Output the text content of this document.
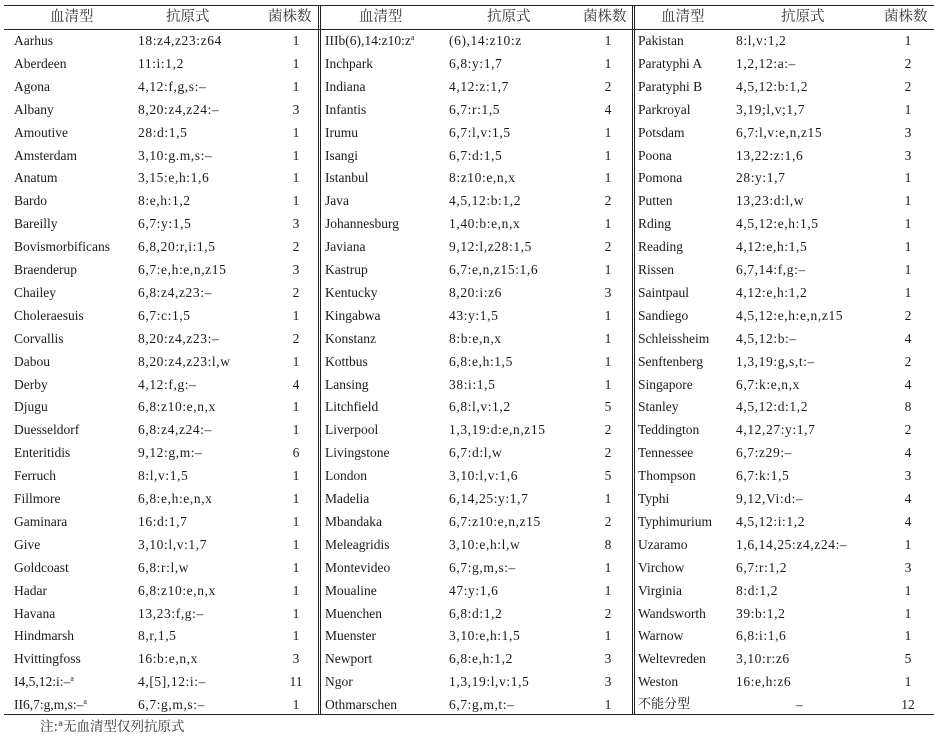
血清型	抗原式	菌株数
Aarhus	18:z4,z23:z64	1
Aberdeen	11:i:1,2	1
Agona	4,12:f,g,s:–	1
Albany	8,20:z4,z24:–	3
Amoutive	28:d:1,5	1
Amsterdam	3,10:g.m,s:–	1
Anatum	3,15:e,h:1,6	1
Bardo	8:e,h:1,2	1
Bareilly	6,7:y:1,5	3
Bovismorbificans 6,8,20:r,i:1,5	2
Braenderup	6,7:e,h:e,n,z15	3
Chailey	6,8:z4,z23:–	2
Choleraesuis	6,7:c:1,5	1
Corvallis	8,20:z4,z23:–	2
Dabou	8,20:z4,z23:l,w	1
Derby	4,12:f,g:–	4
Djugu	6,8:z10:e,n,x	1
Duesseldorf	6,8:z4,z24:–	1
Enteritidis	9,12:g,m:–	6
Ferruch	8:l,v:1,5	1
Fillmore	6,8:e,h:e,n,x	1
Gaminara	16:d:1,7	1
Give	3,10:l,v:1,7	1
Goldcoast	6,8:r:l,w	1
Hadar	6,8:z10:e,n,x	1
Havana	13,23:f,g:–	1
Hindmarsh	8,r,1,5	1
Hvittingfoss	16:b:e,n,x	3
I4,5,12:i:–$^a$	4,[5],12:i:–	11
II6,7:g,m,s:–$^a$	6,7:g,m,s:–	1
血清型	抗原式	菌株数
$IIIb(6),14:z10:z^a$	(6),14:z10:z	1
Inchpark	6,8:y:1,7	1
Indiana	4,12:z:1,7	2
Infantis	6,7:r:1,5	4
Irumu	6,7:l,v:1,5	1
Isangi	6,7:d:1,5	1
Istanbul	8:z10:e,n,x	1
Java	4,5,12:b:1,2	2
Johannesburg	1,40:b:e,n,x	1
Javiana	9,12:l,z28:1,5	2
Kastrup	6,7:e,n,z15:1,6	1
Kentucky	8,20:i:z6	3
Kingabwa	43:y:1,5	1
Konstanz	8:b:e,n,x	1
Kottbus	6,8:e,h:1,5	1
Lansing	38:i:1,5	1
Litchfield	6,8:l,v:1,2	5
Liverpool	1,3,19:d:e,n,z15	2
Livingstone	6,7:d:l,w	2
London	3,10:l,v:1,6	5
Madelia	6,14,25:y:1,7	1
Mbandaka	6,7:z10:e,n,z15	2
Meleagridis	3,10:e,h:l,w	8
Montevideo	6,7:g,m,s:–	1
Moualine	47:y:1,6	1
Muenchen	6,8:d:1,2	2
Muenster	3,10:e,h:1,5	1
Newport	6,8:e,h:1,2	3
Ngor	1,3,19:l,v:1,5	3
Othmarschen	6,7:g,m,t:–	1
血清型	抗原式	菌株数
Pakistan	8:l,v:1,2	1
Paratyphi A	1,2,12:a:–	2
Paratyphi B	4,5,12:b:1,2	2
Parkroyal	3,19;l,v;1,7	1
Potsdam	6,7:l,v:e,n,z15	3
Poona	13,22:z:1,6	3
Pomona	28:y:1,7	1
Putten	13,23:d:l,w	1
Rding	4,5,12:e,h:1,5	1
Reading	4,12:e,h:1,5	1
Rissen	6,7,14:f,g:–	1
Saintpaul	4,12:e,h:1,2	1
Sandiego	4,5,12:e,h:e,n,z15	2
Schleissheim 4,5,12:b:–	4
Senftenberg 1,3,19:g,s,t:–	2
Singapore	6,7:k:e,n,x	4
Stanley	4,5,12:d:1,2	8
Teddington	4,12,27:y:1,7	2
Tennessee	6,7:z29:–	4
Thompson	6,7:k:1,5	3
Typhi	9,12,Vi:d:–	4
Typhimurium 4,5,12:i:1,2	4
Uzaramo	1,6,14,25:z4,z24:–	1
Virchow	6,7:r:1,2	3
Virginia	8:d:1,2	1
Wandsworth 39:b:1,2	1
Warnow	6,8:i:1,6	1
Weltevreden 3,10:r:z6	5
Weston	16:e,h:z6	1
不能分型	–	12
注:$^a$无血清型仅列抗原式
